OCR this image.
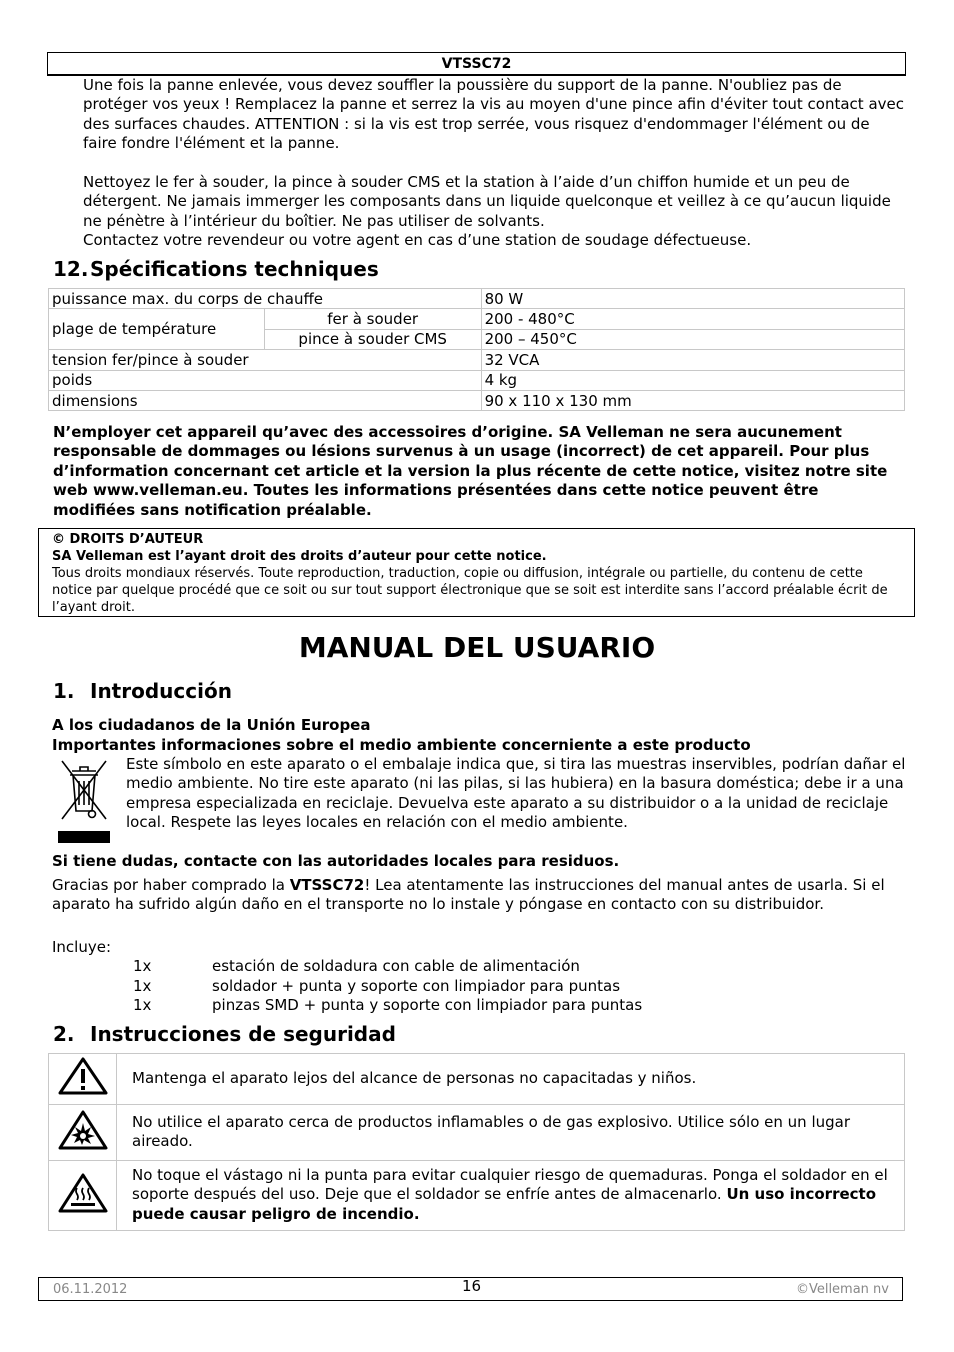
VTSSC72
Une fois la panne enlevée, vous devez souffler la poussière du support de la panne. N'oubliez pas de protéger vos yeux ! Remplacez la panne et serrez la vis au moyen d'une pince afin d'éviter tout contact avec des surfaces chaudes. ATTENTION : si la vis est trop serrée, vous risquez d'endommager l'élément ou de faire fondre l'élément et la panne.
Nettoyez le fer à souder, la pince à souder CMS et la station à l’aide d’un chiffon humide et un peu de détergent. Ne jamais immerger les composants dans un liquide quelconque et veillez à ce qu’aucun liquide ne pénètre à l’intérieur du boîtier. Ne pas utiliser de solvants.
Contactez votre revendeur ou votre agent en cas d’une station de soudage défectueuse.
12.Spécifications techniques
puissance max. du corps de chauffe		80 W
plage de température	fer à souder	200 - 480°C
	pince à souder CMS	200 – 450°C
tension fer/pince à souder		32 VCA
poids		4 kg
dimensions		90 x 110 x 130 mm
N’employer cet appareil qu’avec des accessoires d’origine. SA Velleman ne sera aucunement responsable de dommages ou lésions survenus à un usage (incorrect) de cet appareil. Pour plus d’information concernant cet article et la version la plus récente de cette notice, visitez notre site web www.velleman.eu. Toutes les informations présentées dans cette notice peuvent être modifiées sans notification préalable.
© DROITS D’AUTEUR
SA Velleman est l’ayant droit des droits d’auteur pour cette notice.
Tous droits mondiaux réservés. Toute reproduction, traduction, copie ou diffusion, intégrale ou partielle, du contenu de cette notice par quelque procédé que ce soit ou sur tout support électronique que se soit est interdite sans l’accord préalable écrit de l’ayant droit.
MANUAL DEL USUARIO
1. Introducción
A los ciudadanos de la Unión Europea
Importantes informaciones sobre el medio ambiente concerniente a este producto
Este símbolo en este aparato o el embalaje indica que, si tira las muestras inservibles, podrían dañar el medio ambiente. No tire este aparato (ni las pilas, si las hubiera) en la basura doméstica; debe ir a una empresa especializada en reciclaje. Devuelva este aparato a su distribuidor o a la unidad de reciclaje local. Respete las leyes locales en relación con el medio ambiente.
Si tiene dudas, contacte con las autoridades locales para residuos.
Gracias por haber comprado la VTSSC72! Lea atentamente las instrucciones del manual antes de usarla. Si el aparato ha sufrido algún daño en el transporte no lo instale y póngase en contacto con su distribuidor.
Incluye:
1x	estación de soldadura con cable de alimentación
1x	soldador + punta y soporte con limpiador para puntas
1x	pinzas SMD + punta y soporte con limpiador para puntas
2. Instrucciones de seguridad
	Mantenga el aparato lejos del alcance de personas no capacitadas y niños.
	No utilice el aparato cerca de productos inflamables o de gas explosivo. Utilice sólo en un lugar aireado.
	No toque el vástago ni la punta para evitar cualquier riesgo de quemaduras. Ponga el soldador en el soporte después del uso. Deje que el soldador se enfríe antes de almacenarlo. Un uso incorrecto puede causar peligro de incendio.
06.11.2012	16	©Velleman nv
